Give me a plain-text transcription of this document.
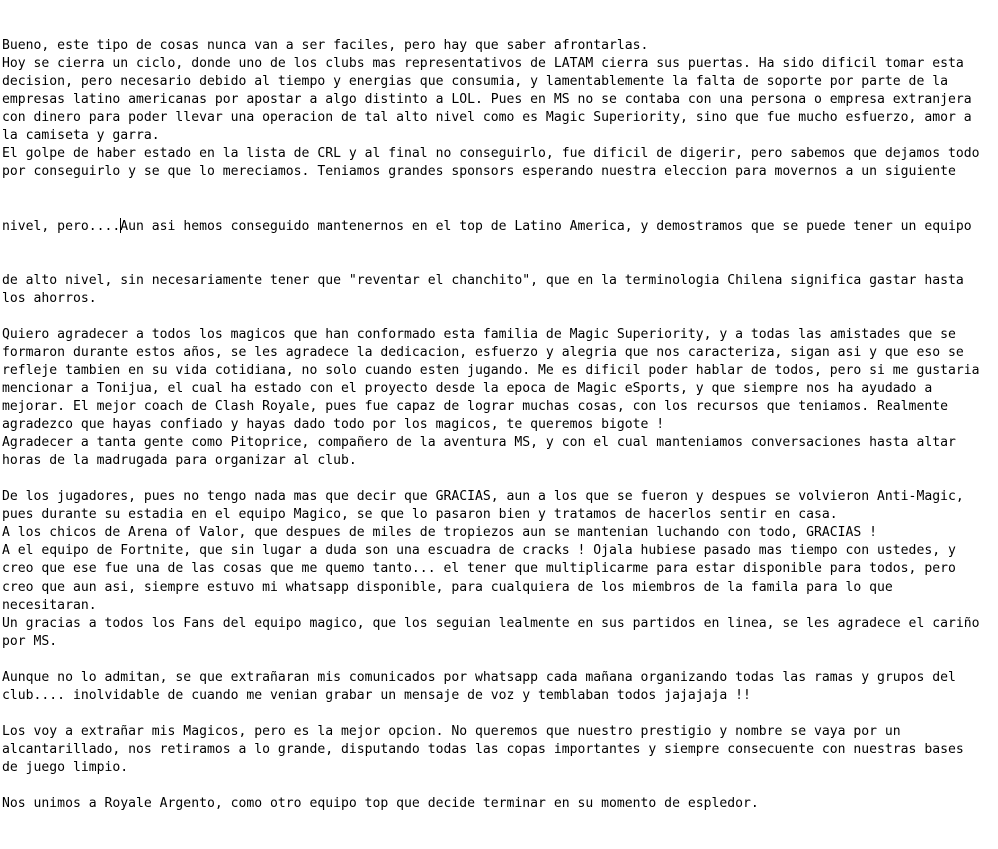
Bueno, este tipo de cosas nunca van a ser faciles, pero hay que saber afrontarlas.
Hoy se cierra un ciclo, donde uno de los clubs mas representativos de LATAM cierra sus puertas. Ha sido dificil tomar esta
decision, pero necesario debido al tiempo y energias que consumia, y lamentablemente la falta de soporte por parte de la
empresas latino americanas por apostar a algo distinto a LOL. Pues en MS no se contaba con una persona o empresa extranjera
con dinero para poder llevar una operacion de tal alto nivel como es Magic Superiority, sino que fue mucho esfuerzo, amor a
la camiseta y garra.
El golpe de haber estado en la lista de CRL y al final no conseguirlo, fue dificil de digerir, pero sabemos que dejamos todo
por conseguirlo y se que lo mereciamos. Teniamos grandes sponsors esperando nuestra eleccion para movernos a un siguiente

nivel, pero....Aun asi hemos conseguido mantenernos en el top de Latino America, y demostramos que se puede tener un equipo

de alto nivel, sin necesariamente tener que "reventar el chanchito", que en la terminologia Chilena significa gastar hasta
los ahorros.
Quiero agradecer a todos los magicos que han conformado esta familia de Magic Superiority, y a todas las amistades que se
formaron durante estos años, se les agradece la dedicacion, esfuerzo y alegria que nos caracteriza, sigan asi y que eso se
refleje tambien en su vida cotidiana, no solo cuando esten jugando. Me es dificil poder hablar de todos, pero si me gustaria
mencionar a Tonijua, el cual ha estado con el proyecto desde la epoca de Magic eSports, y que siempre nos ha ayudado a
mejorar. El mejor coach de Clash Royale, pues fue capaz de lograr muchas cosas, con los recursos que teniamos. Realmente
agradezco que hayas confiado y hayas dado todo por los magicos, te queremos bigote !
Agradecer a tanta gente como Pitoprice, compañero de la aventura MS, y con el cual manteniamos conversaciones hasta altar
horas de la madrugada para organizar al club.
De los jugadores, pues no tengo nada mas que decir que GRACIAS, aun a los que se fueron y despues se volvieron Anti-Magic,
pues durante su estadia en el equipo Magico, se que lo pasaron bien y tratamos de hacerlos sentir en casa.
A los chicos de Arena of Valor, que despues de miles de tropiezos aun se mantenian luchando con todo, GRACIAS !
A el equipo de Fortnite, que sin lugar a duda son una escuadra de cracks ! Ojala hubiese pasado mas tiempo con ustedes, y
creo que ese fue una de las cosas que me quemo tanto... el tener que multiplicarme para estar disponible para todos, pero
creo que aun asi, siempre estuvo mi whatsapp disponible, para cualquiera de los miembros de la famila para lo que
necesitaran.
Un gracias a todos los Fans del equipo magico, que los seguian lealmente en sus partidos en linea, se les agradece el cariño
por MS.
Aunque no lo admitan, se que extrañaran mis comunicados por whatsapp cada mañana organizando todas las ramas y grupos del
club.... inolvidable de cuando me venian grabar un mensaje de voz y temblaban todos jajajaja !!
Los voy a extrañar mis Magicos, pero es la mejor opcion. No queremos que nuestro prestigio y nombre se vaya por un
alcantarillado, nos retiramos a lo grande, disputando todas las copas importantes y siempre consecuente con nuestras bases
de juego limpio.
Nos unimos a Royale Argento, como otro equipo top que decide terminar en su momento de espledor.
